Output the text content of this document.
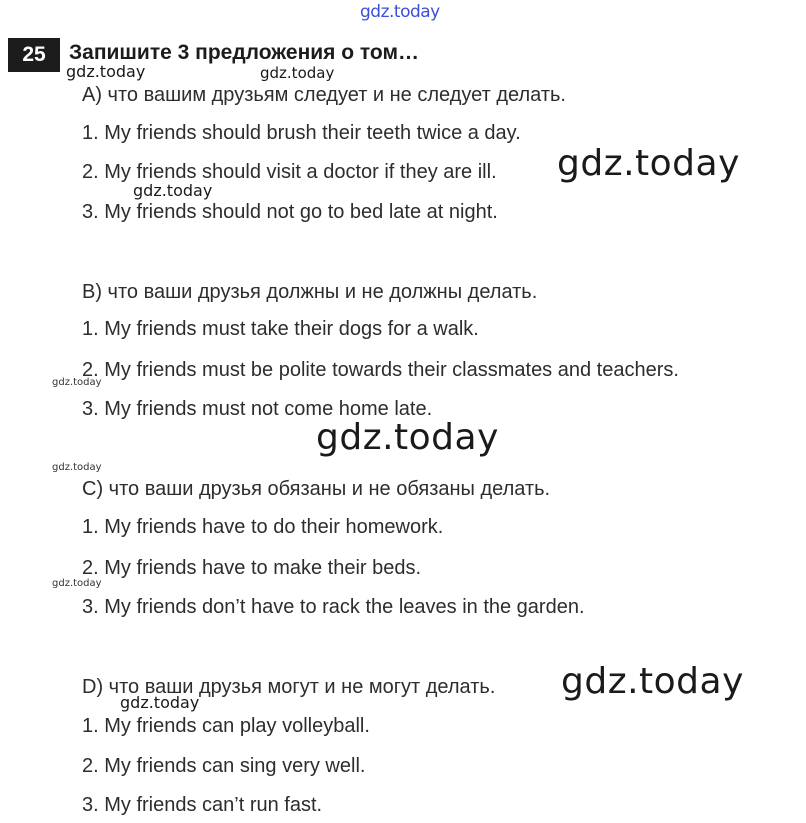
gdz.today
gdz.today	gdz.today
gdz.today
gdz.today
gdz.today
gdz.today
gdz.today
gdz.today
gdz.today
gdz.today
25	Запишите 3 предложения о том…
A) что вашим друзьям следует и не следует делать.
1. My friends should brush their teeth twice a day.
2. My friends should visit a doctor if they are ill.
3. My friends should not go to bed late at night.
B) что ваши друзья должны и не должны делать.
1. My friends must take their dogs for a walk.
2. My friends must be polite towards their classmates and teachers.
3. My friends must not come home late.
C) что ваши друзья обязаны и не обязаны делать.
1. My friends have to do their homework.
2. My friends have to make their beds.
3. My friends don’t have to rack the leaves in the garden.
D) что ваши друзья могут и не могут делать.
1. My friends can play volleyball.
2. My friends can sing very well.
3. My friends can’t run fast.
